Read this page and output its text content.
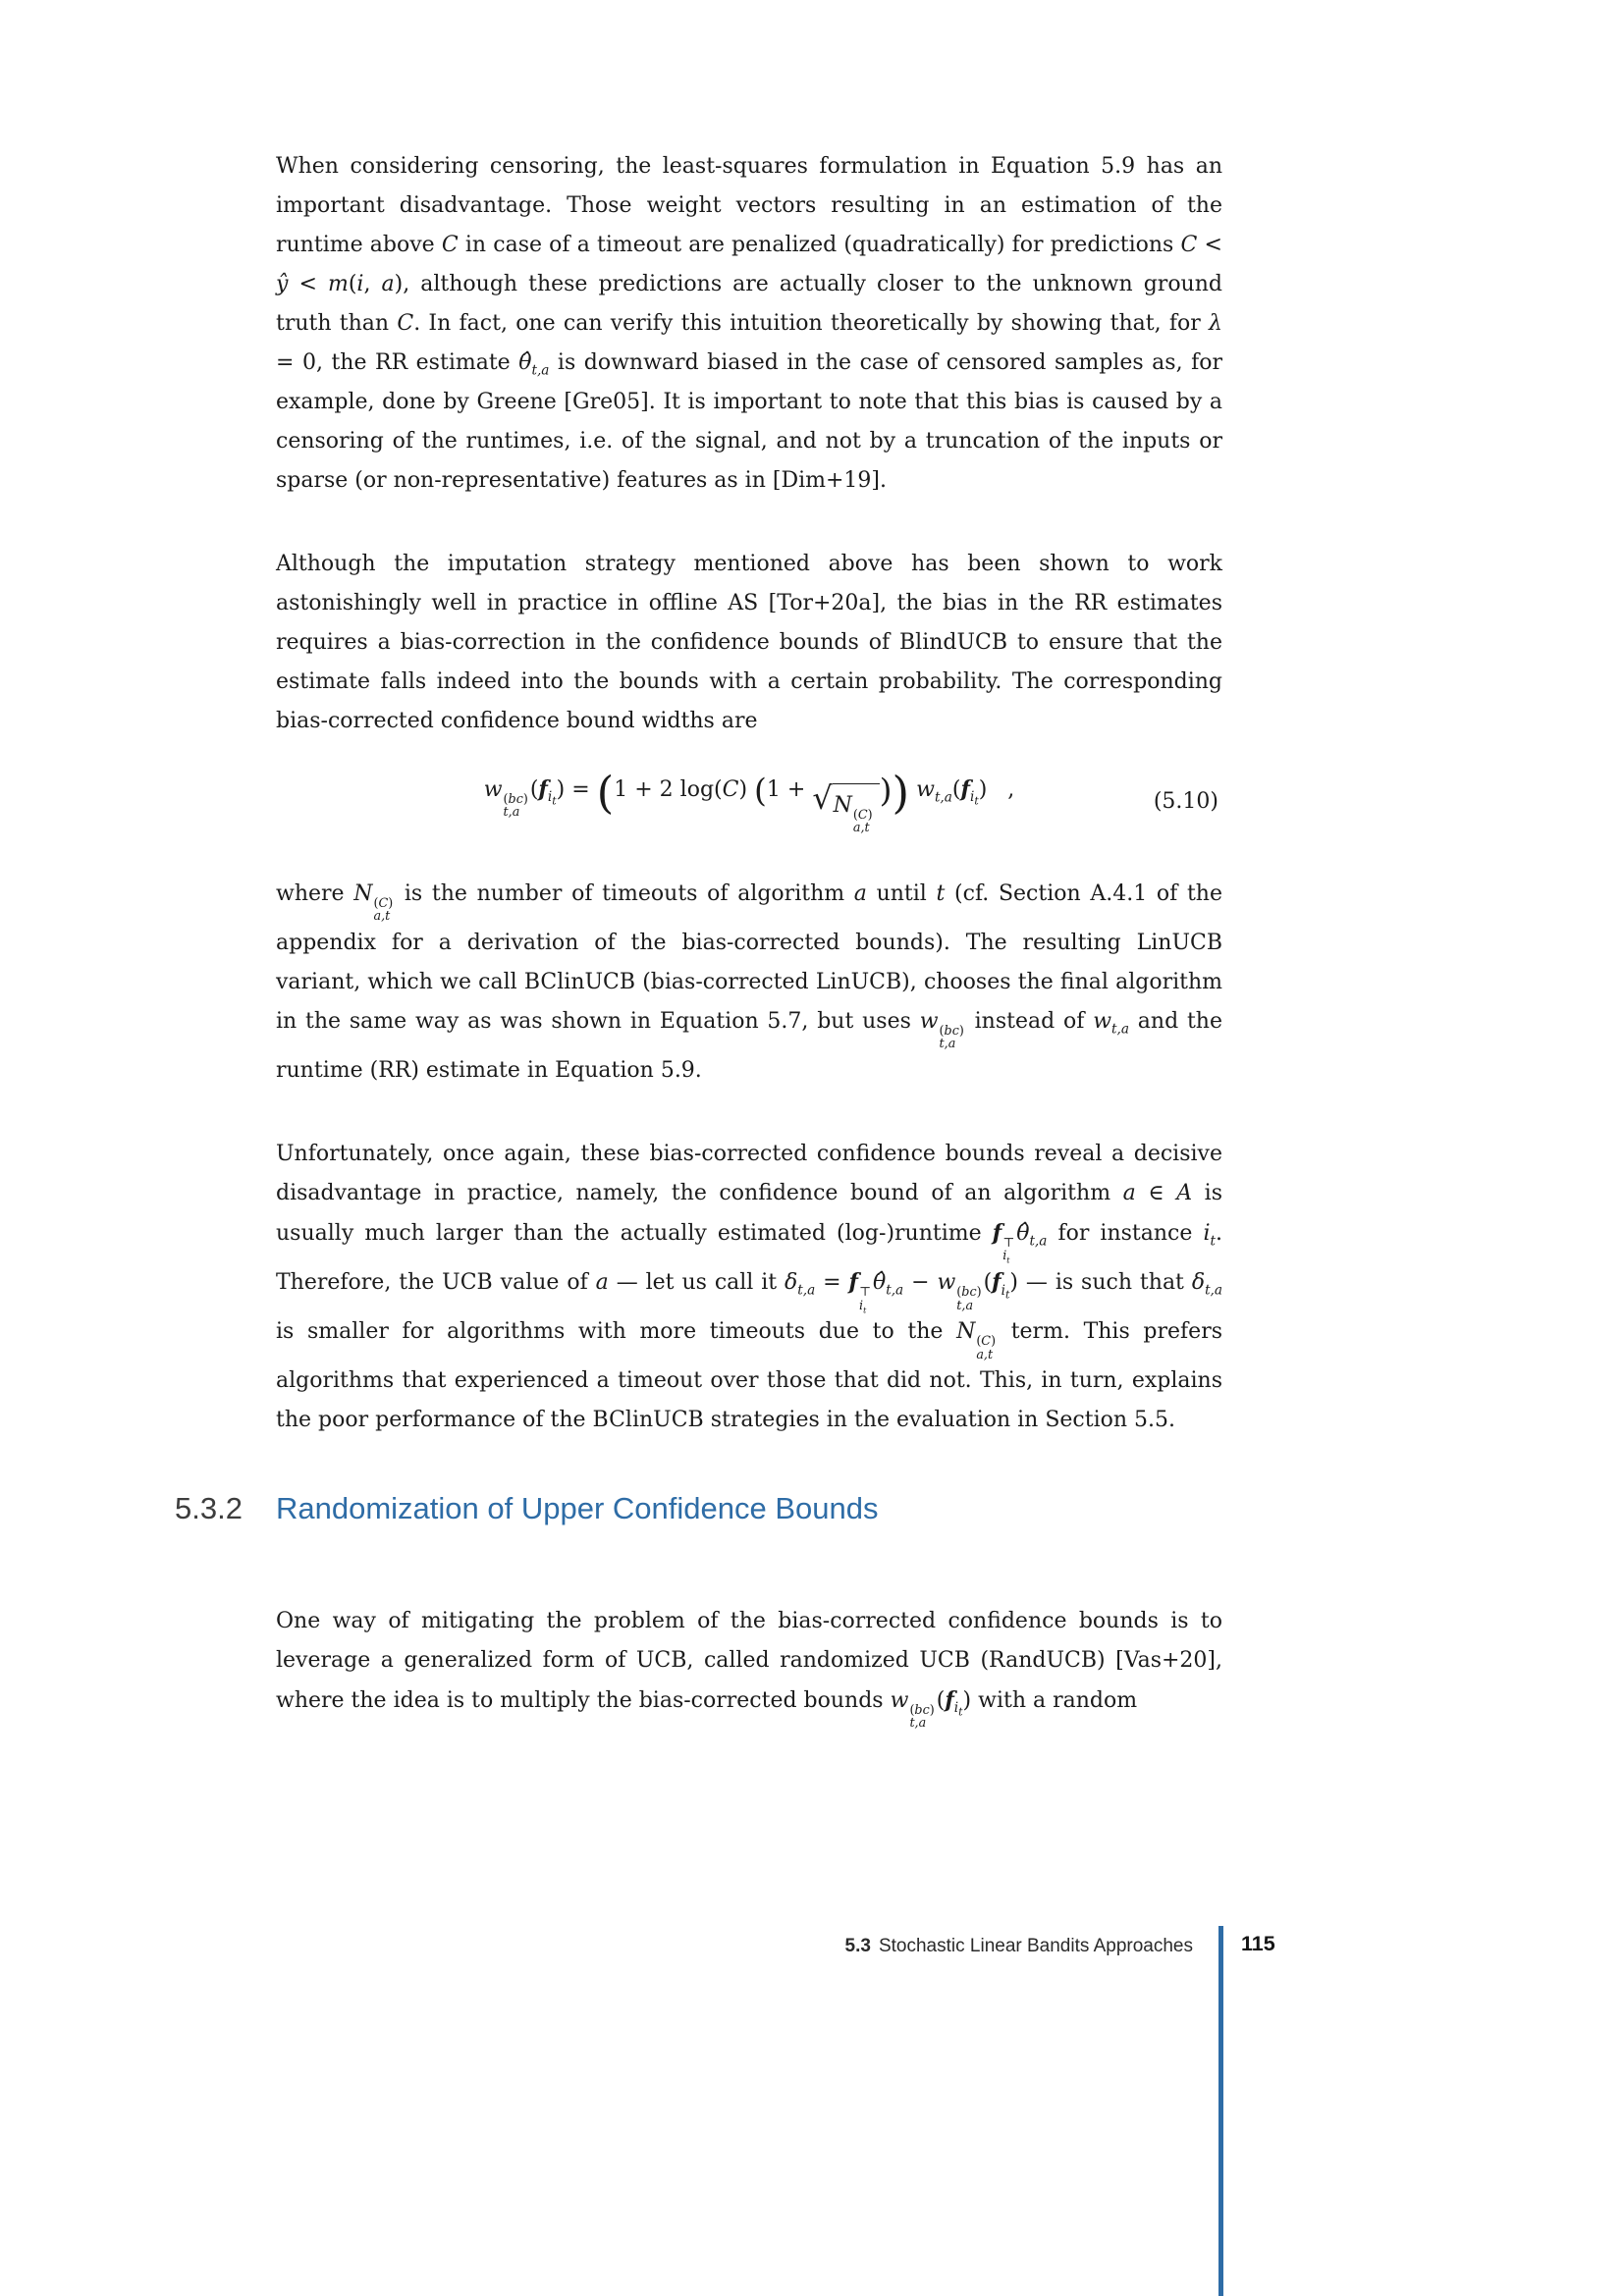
When considering censoring, the least-squares formulation in Equation 5.9 has an important disadvantage. Those weight vectors resulting in an estimation of the runtime above C in case of a timeout are penalized (quadratically) for predictions C < ŷ < m(i, a), although these predictions are actually closer to the unknown ground truth than C. In fact, one can verify this intuition theoretically by showing that, for λ = 0, the RR estimate $\thetâ_{t,a}$ is downward biased in the case of censored samples as, for example, done by Greene [Gre05]. It is important to note that this bias is caused by a censoring of the runtimes, i.e. of the signal, and not by a truncation of the inputs or sparse (or non-representative) features as in [Dim+19].

Although the imputation strategy mentioned above has been shown to work astonishingly well in practice in offline AS [Tor+20a], the bias in the RR estimates requires a bias-correction in the confidence bounds of BlindUCB to ensure that the estimate falls indeed into the bounds with a certain probability. The corresponding bias-corrected confidence bound widths are

w (bc)
t,a
$(f_{i_t}) = (1 + 2$ log(C) (1 + √ N (C)
a,t
)) $w_{t,a}(f_{i_t})$ ,	(5.10)

where N (C)
a,t
is the number of timeouts of algorithm a until t (cf. Section A.4.1 of the appendix for a derivation of the bias-corrected bounds). The resulting LinUCB variant, which we call BClinUCB (bias-corrected LinUCB), chooses the final algorithm in the same way as was shown in Equation 5.7, but uses w (bc)
t,a
instead of $w_{t,a}$ and the runtime (RR) estimate in Equation 5.9.

Unfortunately, once again, these bias-corrected confidence bounds reveal a decisive disadvantage in practice, namely, the confidence bound of an algorithm a ∈ A is usually much larger than the actually estimated (log-)runtime f ⊤
$i_t$
$\thetâ_{t,a}$ for instance $i_t$. Therefore, the UCB value of a — let us call it $\delta_{t,a} = f$ ⊤
$i_t$
$\thetâ_{t,a} - w$ (bc)
t,a
$(f_{i_t})$ — is such that $\delta_{t,a}$ is smaller for algorithms with more timeouts due to the N (C)
a,t
term. This prefers algorithms that experienced a timeout over those that did not. This, in turn, explains the poor performance of the BClinUCB strategies in the evaluation in Section 5.5.

5.3.2	Randomization of Upper Confidence Bounds

One way of mitigating the problem of the bias-corrected confidence bounds is to leverage a generalized form of UCB, called randomized UCB (RandUCB) [Vas+20], where the idea is to multiply the bias-corrected bounds w (bc)
t,a
$(f_{i_t})$ with a random

5.3 Stochastic Linear Bandits Approaches 115
